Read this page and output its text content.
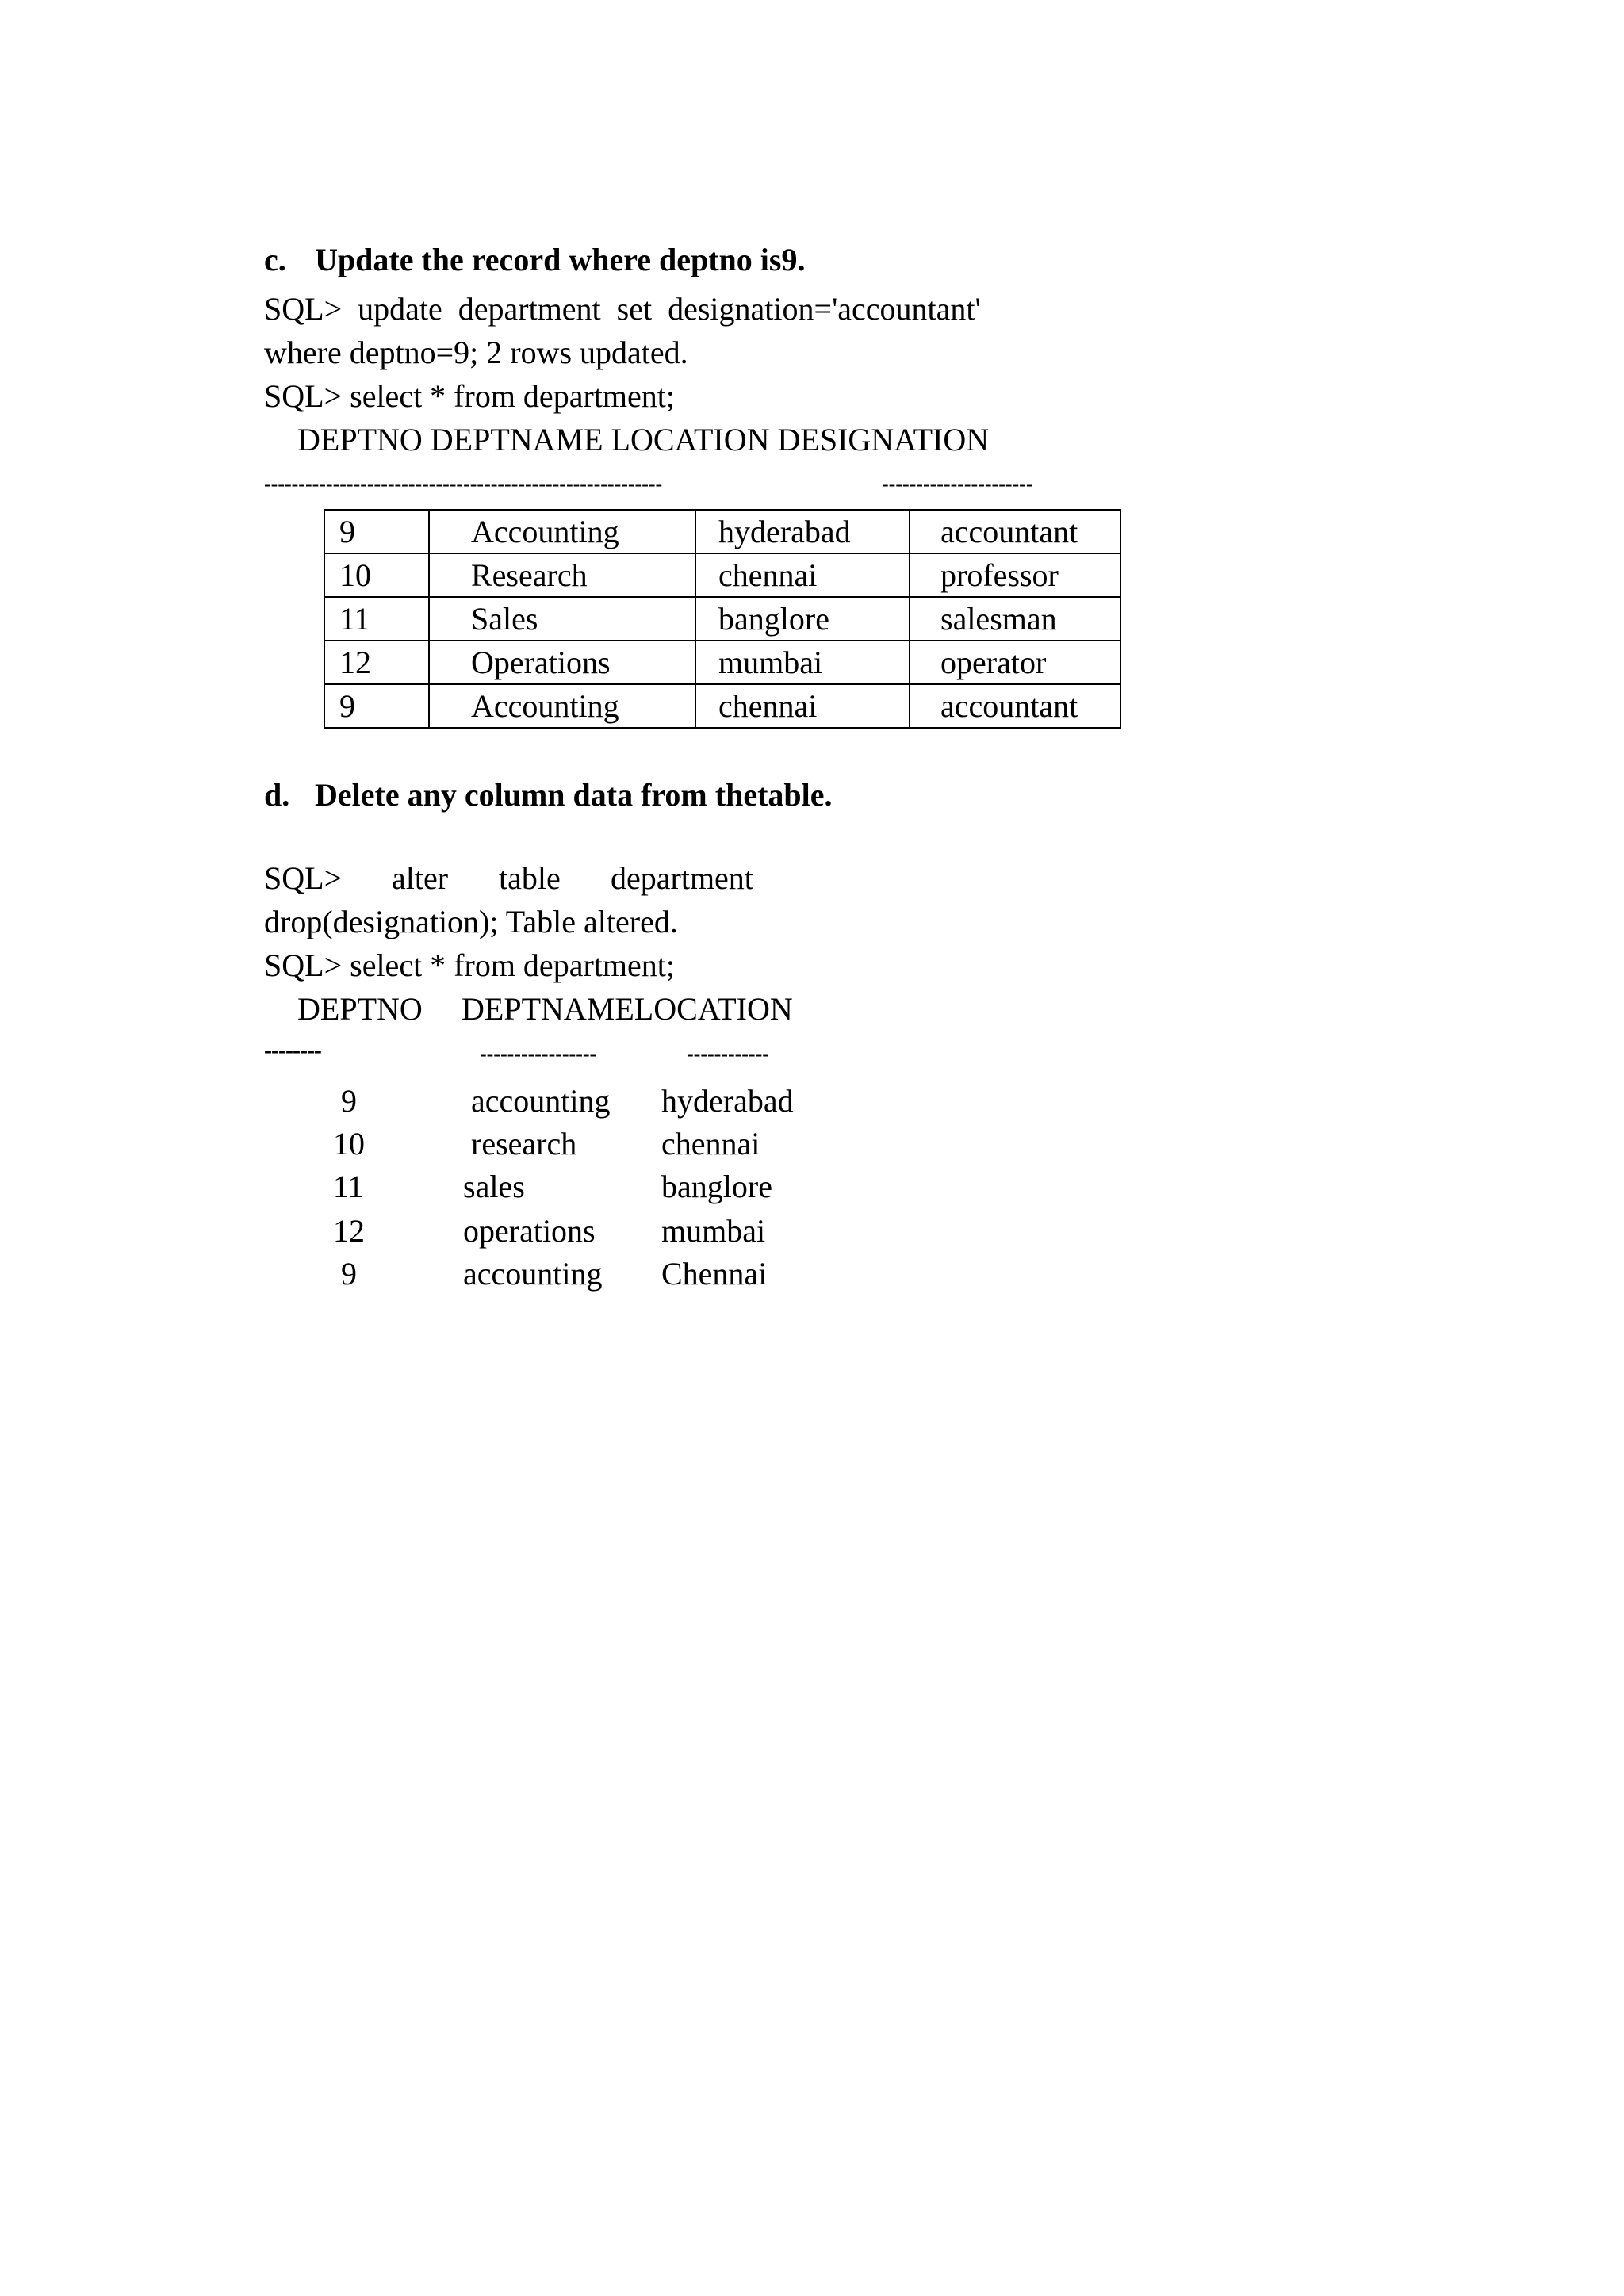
c.

Update the record where deptno is9.

SQL>  update  department  set  designation='accountant'
where deptno=9; 2 rows updated.
SQL> select * from department;
DEPTNO DEPTNAME LOCATION DESIGNATION
----------------------------------------------------------	----------------------
9	Accounting	hyderabad	accountant
10	Research	chennai	professor
11	Sales	banglore	salesman
12	Operations	mumbai	operator
9	Accounting	chennai	accountant

d.

Delete any column data from thetable.

SQL> alter table department
drop(designation); Table altered.
SQL> select * from department;
DEPTNO DEPTNAMELOCATION
--------	-----------------	------------
9	accounting hyderabad
10	research	chennai
11	sales	banglore
12	operations mumbai
9	accounting Chennai
